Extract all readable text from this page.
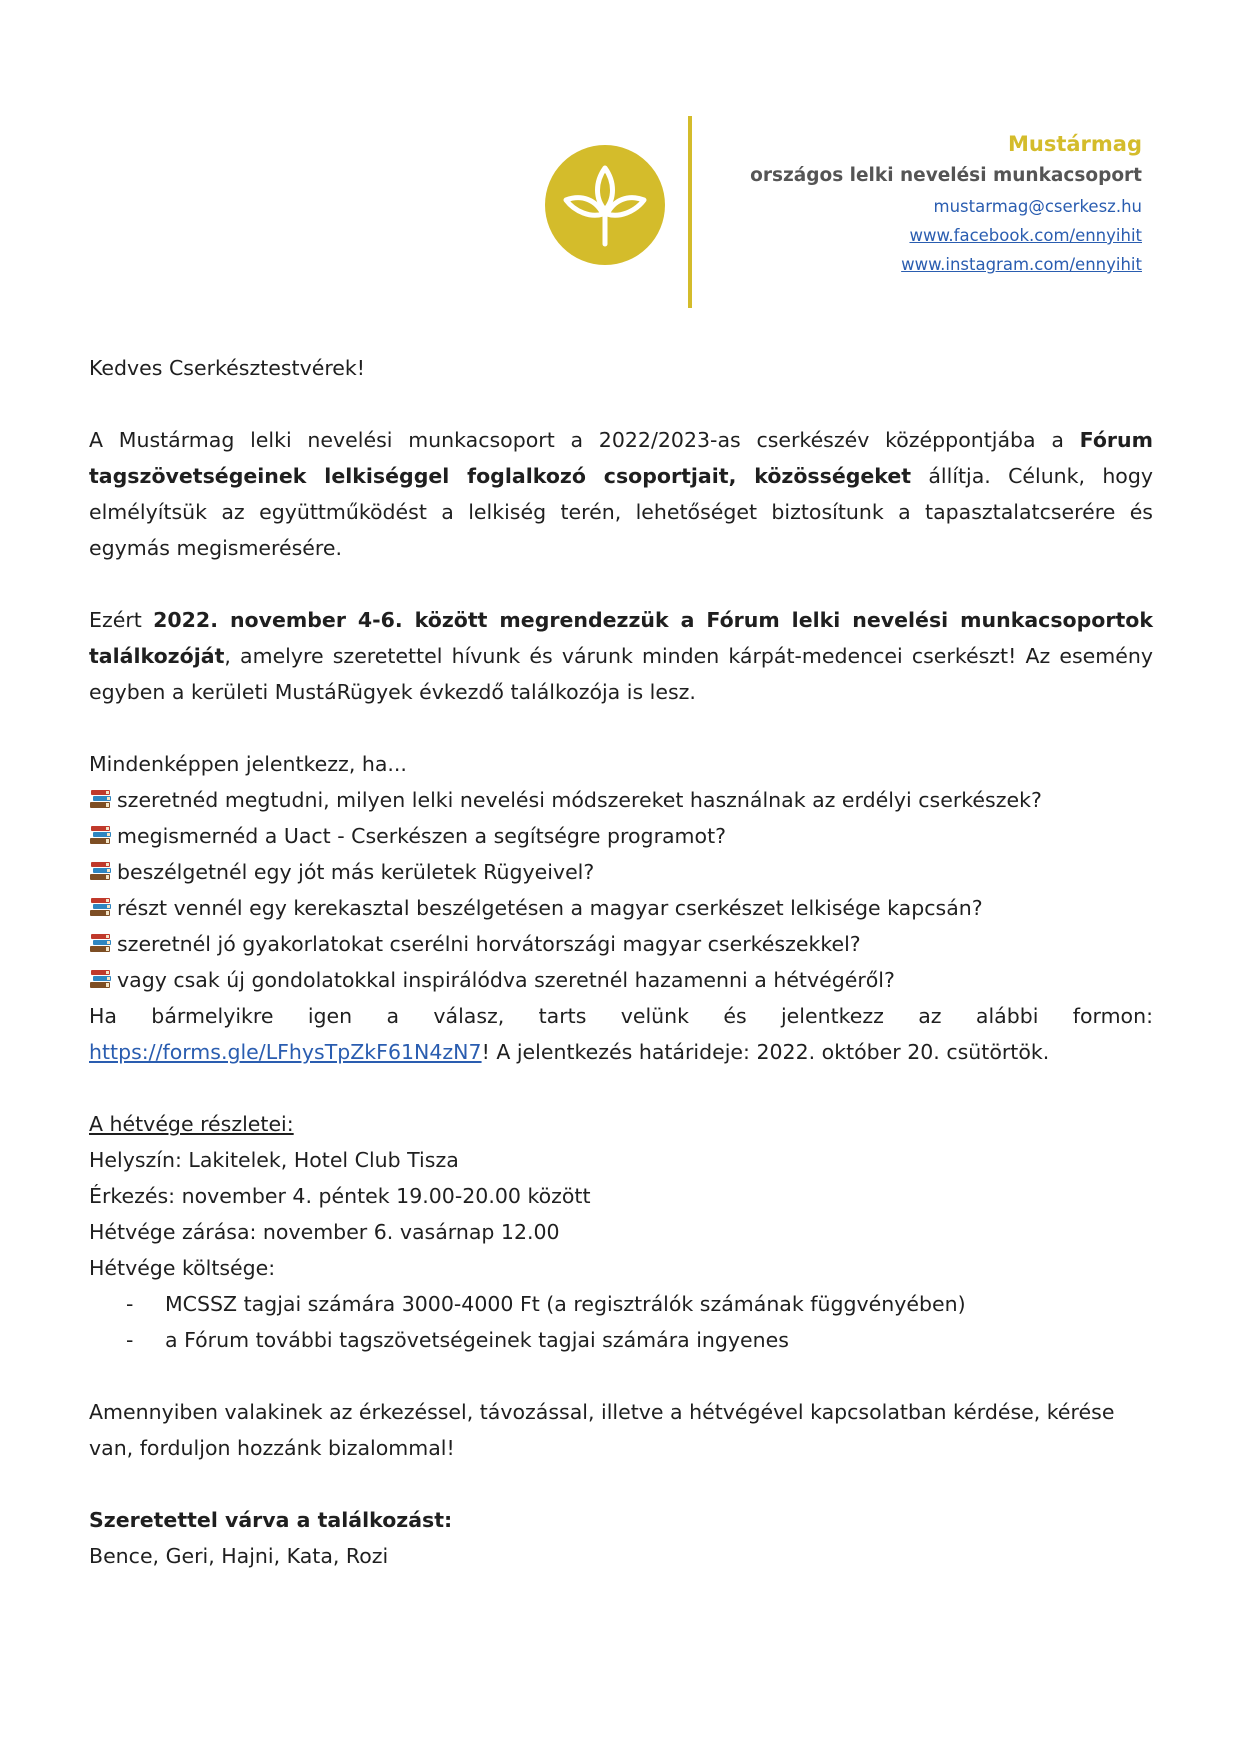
Mustármag
országos lelki nevelési munkacsoport
mustarmag@cserkesz.hu
www.facebook.com/ennyihit
www.instagram.com/ennyihit

Kedves Cserkésztestvérek!

A Mustármag lelki nevelési munkacsoport a 2022/2023-as cserkészév középpontjába a Fórum tagszövetségeinek lelkiséggel foglalkozó csoportjait, közösségeket állítja. Célunk, hogy elmélyítsük az együttműködést a lelkiség terén, lehetőséget biztosítunk a tapasztalatcserére és egymás megismerésére.

Ezért 2022. november 4-6. között megrendezzük a Fórum lelki nevelési munkacsoportok találkozóját, amelyre szeretettel hívunk és várunk minden kárpát-medencei cserkészt! Az esemény egyben a kerületi MustáRügyek évkezdő találkozója is lesz.

Mindenképpen jelentkezz, ha...

szeretnéd megtudni, milyen lelki nevelési módszereket használnak az erdélyi cserkészek?

megismernéd a Uact - Cserkészen a segítségre programot?

beszélgetnél egy jót más kerületek Rügyeivel?

részt vennél egy kerekasztal beszélgetésen a magyar cserkészet lelkisége kapcsán?

szeretnél jó gyakorlatokat cserélni horvátországi magyar cserkészekkel?

vagy csak új gondolatokkal inspirálódva szeretnél hazamenni a hétvégéről?

Ha bármelyikre igen a válasz, tarts velünk és jelentkezz az alábbi formon: https://forms.gle/LFhysTpZkF61N4zN7! A jelentkezés határideje: 2022. október 20. csütörtök.

A hétvége részletei:

Helyszín: Lakitelek, Hotel Club Tisza

Érkezés: november 4. péntek 19.00-20.00 között

Hétvége zárása: november 6. vasárnap 12.00

Hétvége költsége:

- MCSSZ tagjai számára 3000-4000 Ft (a regisztrálók számának függvényében)
- a Fórum további tagszövetségeinek tagjai számára ingyenes

Amennyiben valakinek az érkezéssel, távozással, illetve a hétvégével kapcsolatban kérdése, kérése van, forduljon hozzánk bizalommal!

Szeretettel várva a találkozást:

Bence, Geri, Hajni, Kata, Rozi
